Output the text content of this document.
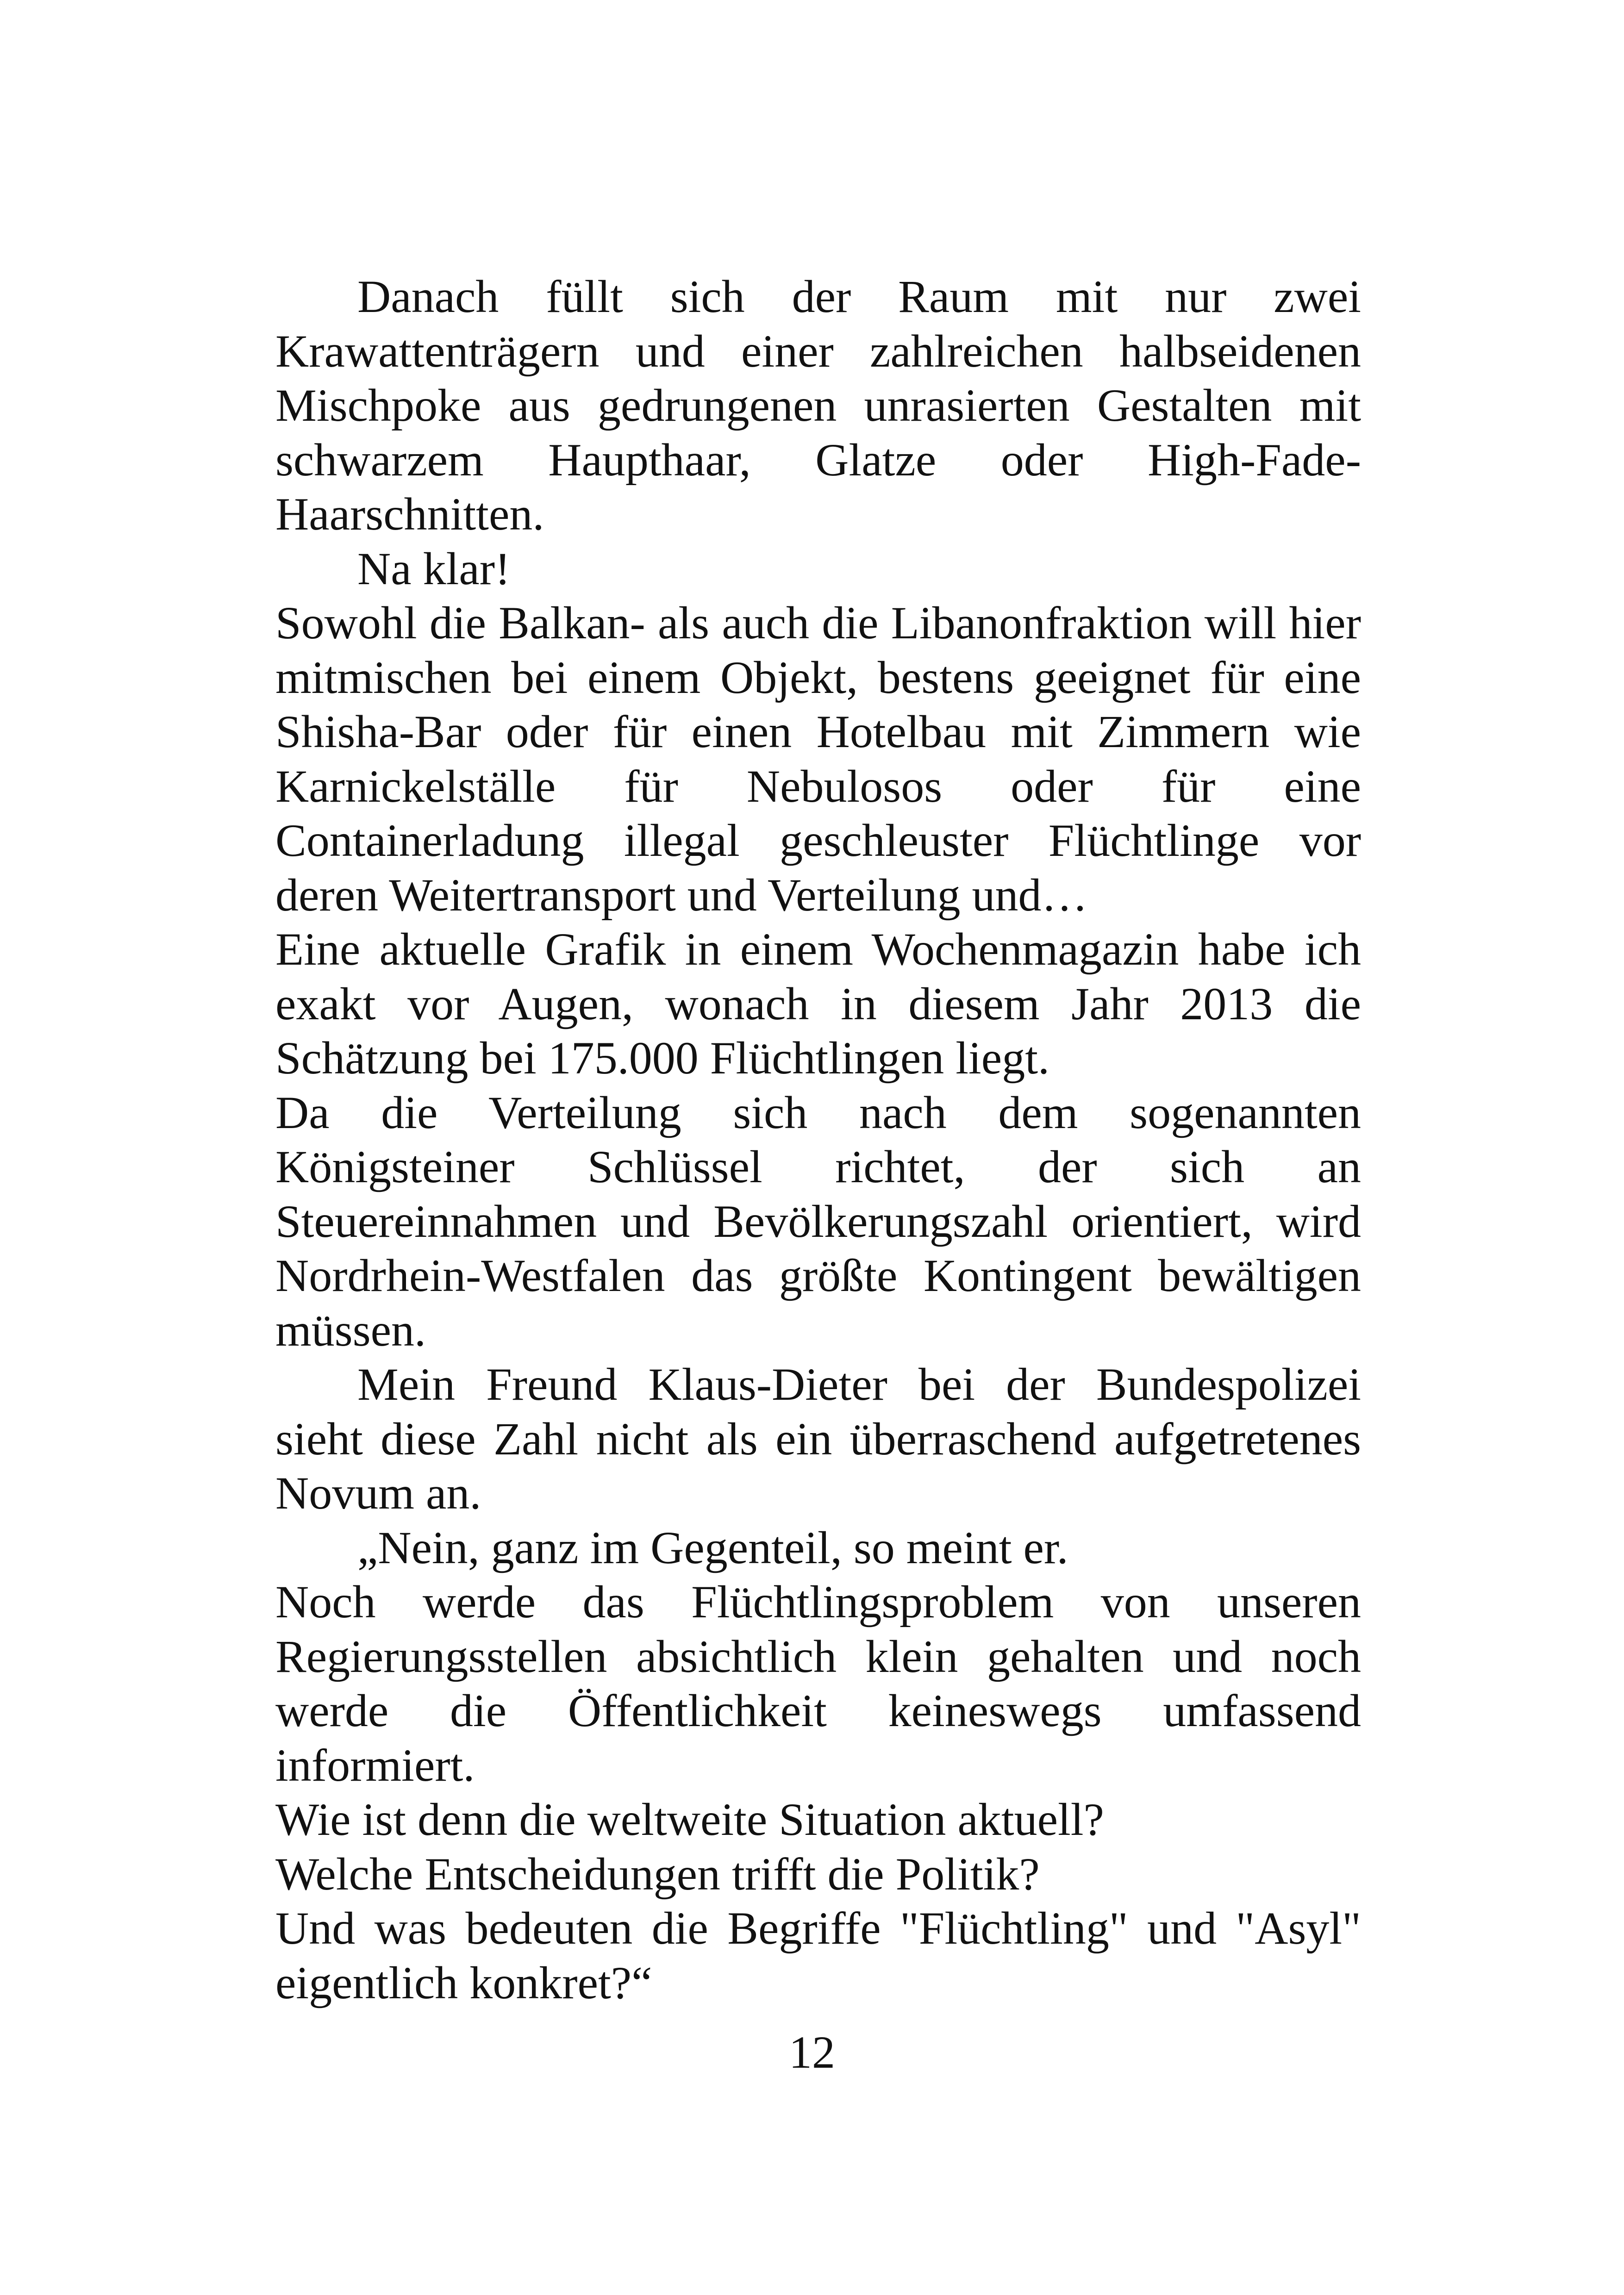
Danach füllt sich der Raum mit nur zwei Krawattenträgern und einer zahlreichen halbseidenen Mischpoke aus gedrungenen unrasierten Gestalten mit schwarzem Haupthaar, Glatze oder High-Fade-Haarschnitten.

Na klar!

Sowohl die Balkan- als auch die Libanonfraktion will hier mitmischen bei einem Objekt, bestens geeignet für eine Shisha-Bar oder für einen Hotelbau mit Zimmern wie Karnickelställe für Nebulosos oder für eine Containerladung illegal geschleuster Flüchtlinge vor deren Weitertransport und Verteilung und…

Eine aktuelle Grafik in einem Wochenmagazin habe ich exakt vor Augen, wonach in diesem Jahr 2013 die Schätzung bei 175.000 Flüchtlingen liegt.

Da die Verteilung sich nach dem sogenannten Königsteiner Schlüssel richtet, der sich an Steuereinnahmen und Bevölkerungszahl orientiert, wird Nordrhein-Westfalen das größte Kontingent bewältigen müssen.

Mein Freund Klaus-Dieter bei der Bundespolizei sieht diese Zahl nicht als ein überraschend aufgetretenes Novum an.

„Nein, ganz im Gegenteil, so meint er.

Noch werde das Flüchtlingsproblem von unseren Regierungsstellen absichtlich klein gehalten und noch werde die Öffentlichkeit keineswegs umfassend informiert.

Wie ist denn die weltweite Situation aktuell?

Welche Entscheidungen trifft die Politik?

Und was bedeuten die Begriffe "Flüchtling" und "Asyl" eigentlich konkret?“

12
